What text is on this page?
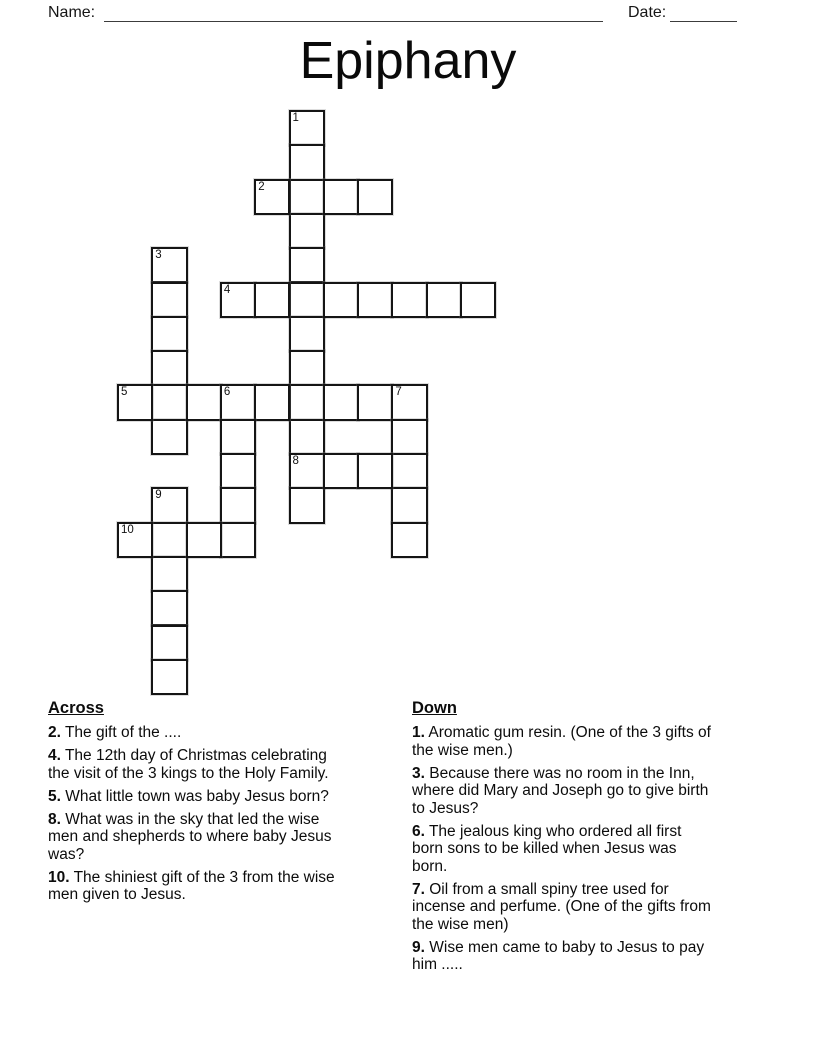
Name:	Date:
Epiphany
1
8
2
3
4
5	6	7
9
10
Across

2. The gift of the ....

4. The 12th day of Christmas celebrating the visit of the 3 kings to the Holy Family.

5. What little town was baby Jesus born?

8. What was in the sky that led the wise men and shepherds to where baby Jesus was?

10. The shiniest gift of the 3 from the wise men given to Jesus.

Down

1. Aromatic gum resin. (One of the 3 gifts of the wise men.)

3. Because there was no room in the Inn, where did Mary and Joseph go to give birth to Jesus?

6. The jealous king who ordered all first born sons to be killed when Jesus was born.

7. Oil from a small spiny tree used for incense and perfume. (One of the gifts from the wise men)

9. Wise men came to baby to Jesus to pay him .....
